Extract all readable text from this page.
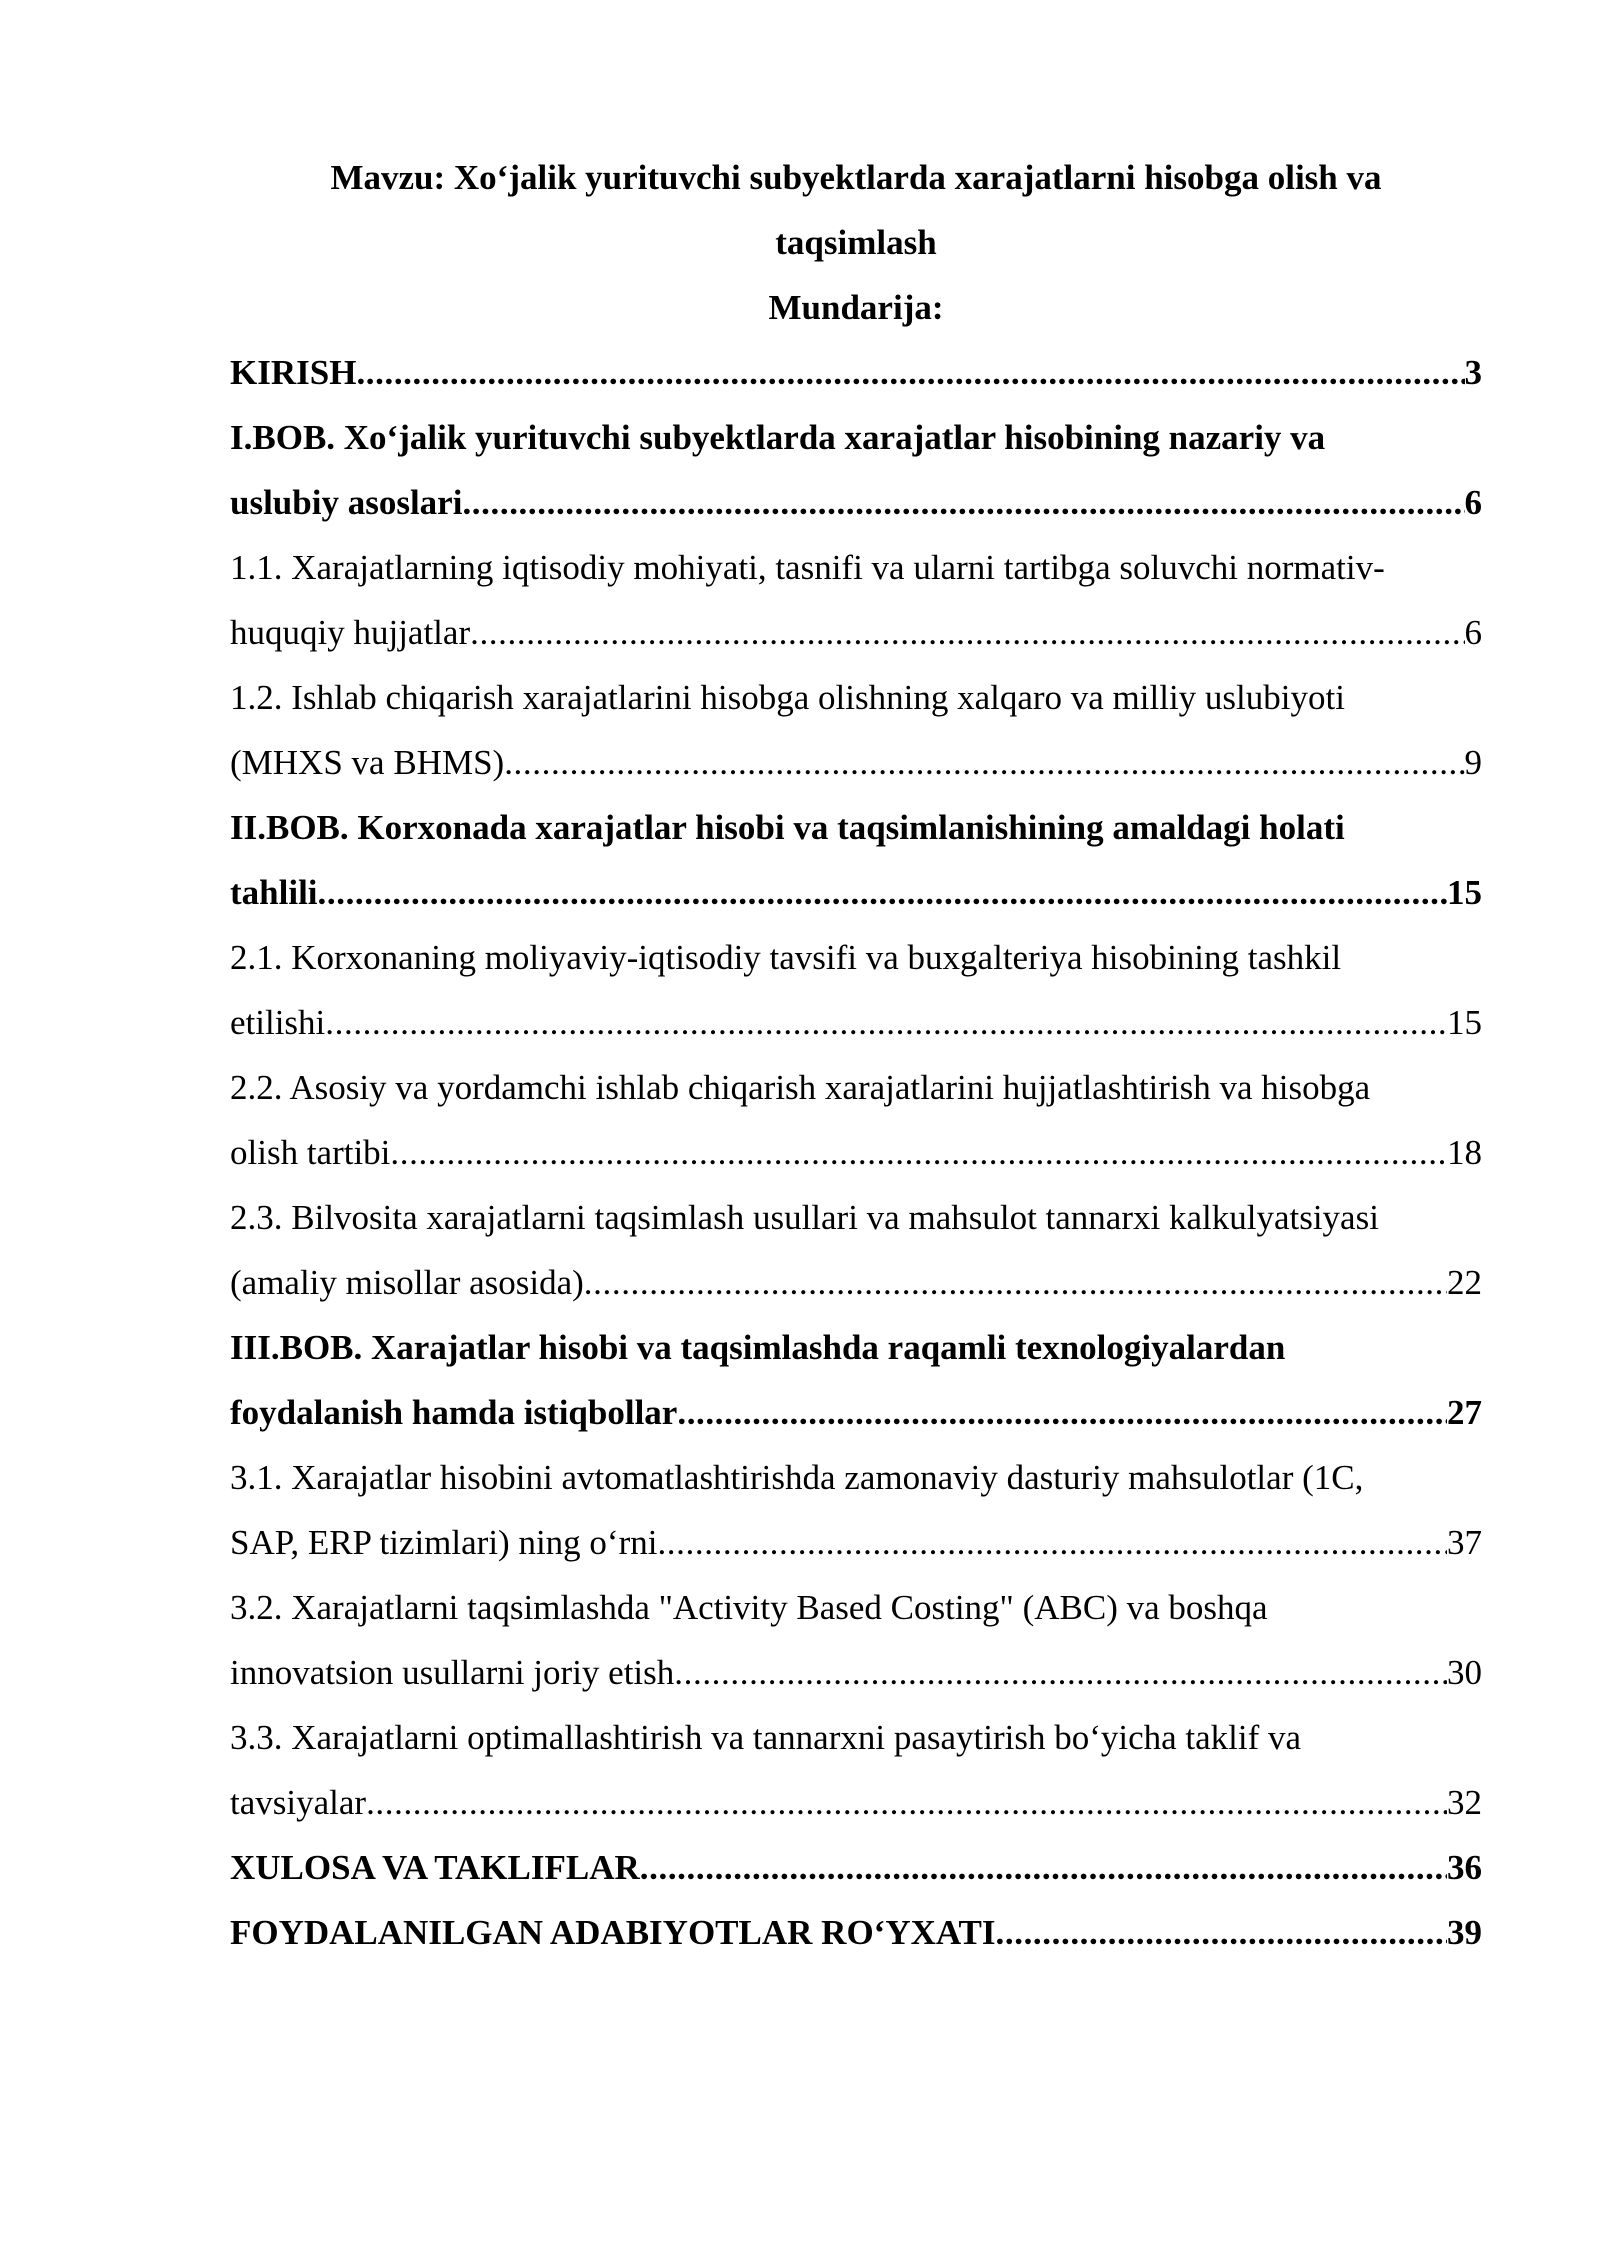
Mavzu: Xo‘jalik yurituvchi subyektlarda xarajatlarni hisobga olish va
taqsimlash

Mundarija:

KIRISH .....	3
I.BOB. Xo‘jalik yurituvchi subyektlarda xarajatlar hisobining nazariy va
uslubiy asoslari .....	6
1.1. Xarajatlarning iqtisodiy mohiyati, tasnifi va ularni tartibga soluvchi normativ-
huquqiy hujjatlar .....	6
1.2. Ishlab chiqarish xarajatlarini hisobga olishning xalqaro va milliy uslubiyoti
(MHXS va BHMS) .....	9
II.BOB. Korxonada xarajatlar hisobi va taqsimlanishining amaldagi holati
tahlili .....	15
2.1. Korxonaning moliyaviy-iqtisodiy tavsifi va buxgalteriya hisobining tashkil
etilishi .....	15
2.2. Asosiy va yordamchi ishlab chiqarish xarajatlarini hujjatlashtirish va hisobga
olish tartibi .....	18
2.3. Bilvosita xarajatlarni taqsimlash usullari va mahsulot tannarxi kalkulyatsiyasi
(amaliy misollar asosida) .....	22
III.BOB. Xarajatlar hisobi va taqsimlashda raqamli texnologiyalardan
foydalanish hamda istiqbollar .....	27
3.1. Xarajatlar hisobini avtomatlashtirishda zamonaviy dasturiy mahsulotlar (1C,
SAP, ERP tizimlari) ning o‘rni .....	37
3.2. Xarajatlarni taqsimlashda "Activity Based Costing" (ABC) va boshqa
innovatsion usullarni joriy etish .....	30
3.3. Xarajatlarni optimallashtirish va tannarxni pasaytirish bo‘yicha taklif va
tavsiyalar .....	32
XULOSA VA TAKLIFLAR .....	36
FOYDALANILGAN ADABIYOTLAR RO‘YXATI .....	39
